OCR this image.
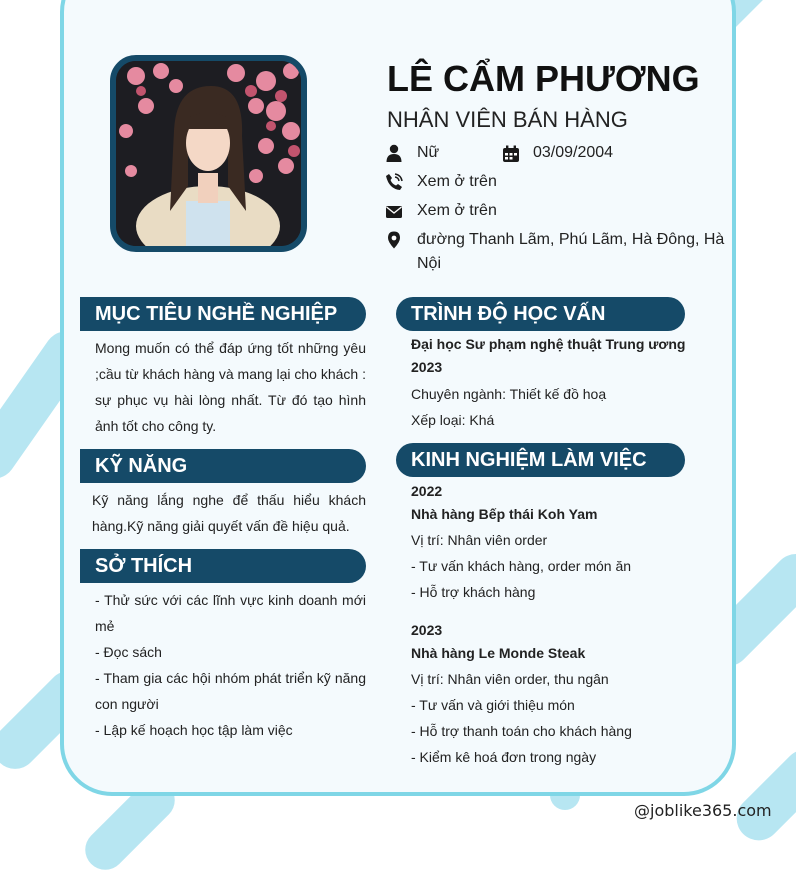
LÊ CẨM PHƯƠNG
NHÂN VIÊN BÁN HÀNG
Nữ	03/09/2004
Xem ở trên
Xem ở trên
đường Thanh Lãm, Phú Lãm, Hà Đông, Hà
Nội
MỤC TIÊU NGHỀ NGHIỆP
Mong muốn có thể đáp ứng tốt những yêu
;cầu từ khách hàng và mang lại cho khách :
sự phục vụ hài lòng nhất. Từ đó tạo hình
ảnh tốt cho công ty.
KỸ NĂNG
Kỹ năng lắng nghe để thấu hiểu khách
hàng.Kỹ năng giải quyết vấn đề hiệu quả.
SỞ THÍCH
- Thử sức với các lĩnh vực kinh doanh mới
mẻ
- Đọc sách
- Tham gia các hội nhóm phát triển kỹ năng
con người
- Lập kế hoạch học tập làm việc
TRÌNH ĐỘ HỌC VẤN
Đại học Sư phạm nghệ thuật Trung ương
2023
Chuyên ngành: Thiết kế đồ hoạ
Xếp loại: Khá
KINH NGHIỆM LÀM VIỆC
2022
Nhà hàng Bếp thái Koh Yam
Vị trí: Nhân viên order
- Tư vấn khách hàng, order món ăn
- Hỗ trợ khách hàng
2023
Nhà hàng Le Monde Steak
Vị trí: Nhân viên order, thu ngân
- Tư vấn và giới thiệu món
- Hỗ trợ thanh toán cho khách hàng
- Kiểm kê hoá đơn trong ngày
@joblike365.com
